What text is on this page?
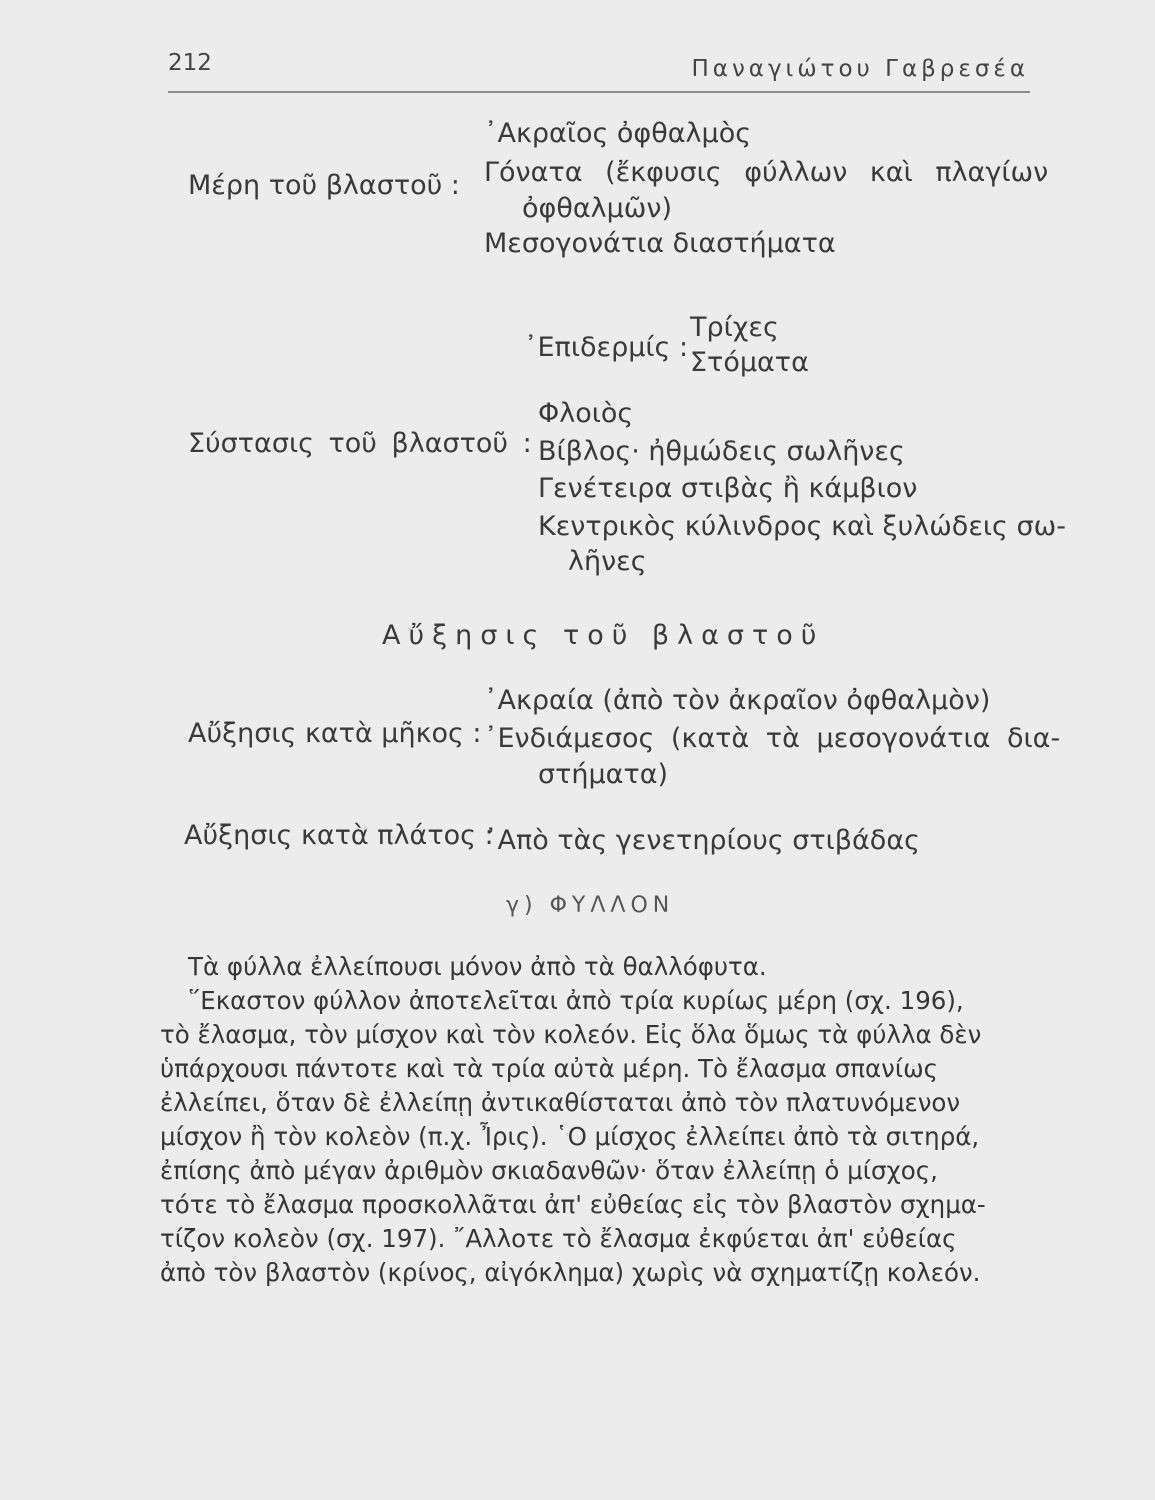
212	Παναγιώτου Γαβρεσέα
Μέρη τοῦ βλαστοῦ :
᾿Ακραῖος ὀφθαλμὸς
Γόνατα (ἔκφυσις φύλλων καὶ πλαγίων
ὀφθαλμῶν)
Μεσογονάτια διαστήματα
᾿Επιδερμίς :
Τρίχες
Στόματα
Σύστασις τοῦ βλαστοῦ :
Φλοιὸς
Βίβλος· ἠθμώδεις σωλῆνες
Γενέτειρα στιβὰς ἢ κάμβιον
Κεντρικὸς κύλινδρος καὶ ξυλώδεις σω-
λῆνες
Αὔξησις τοῦ βλαστοῦ
Αὔξησις κατὰ μῆκος :
᾿Ακραία (ἀπὸ τὸν ἀκραῖον ὀφθαλμὸν)
᾿Ενδιάμεσος (κατὰ τὰ μεσογονάτια δια-
στήματα)
Αὔξησις κατὰ πλάτος :
᾿Απὸ τὰς γενετηρίους στιβάδας
γ) ΦΥΛΛΟΝ

Τὰ φύλλα ἐλλείπουσι μόνον ἀπὸ τὰ θαλλόφυτα.

῞Εκαστον φύλλον ἀποτελεῖται ἀπὸ τρία κυρίως μέρη (σχ. 196),

τὸ ἔλασμα, τὸν μίσχον καὶ τὸν κολεόν. Εἰς ὅλα ὅμως τὰ φύλλα δὲν

ὑπάρχουσι πάντοτε καὶ τὰ τρία αὐτὰ μέρη. Τὸ ἔλασμα σπανίως

ἐλλείπει, ὅταν δὲ ἐλλείπῃ ἀντικαθίσταται ἀπὸ τὸν πλατυνόμενον

μίσχον ἢ τὸν κολεὸν (π.χ. Ἶρις). ῾Ο μίσχος ἐλλείπει ἀπὸ τὰ σιτηρά,

ἐπίσης ἀπὸ μέγαν ἀριθμὸν σκιαδανθῶν· ὅταν ἐλλείπῃ ὁ μίσχος,

τότε τὸ ἔλασμα προσκολλᾶται ἀπ' εὐθείας εἰς τὸν βλαστὸν σχημα-

τίζον κολεὸν (σχ. 197). ῎Αλλοτε τὸ ἔλασμα ἐκφύεται ἀπ' εὐθείας

ἀπὸ τὸν βλαστὸν (κρίνος, αἰγόκλημα) χωρὶς νὰ σχηματίζῃ κολεόν.
